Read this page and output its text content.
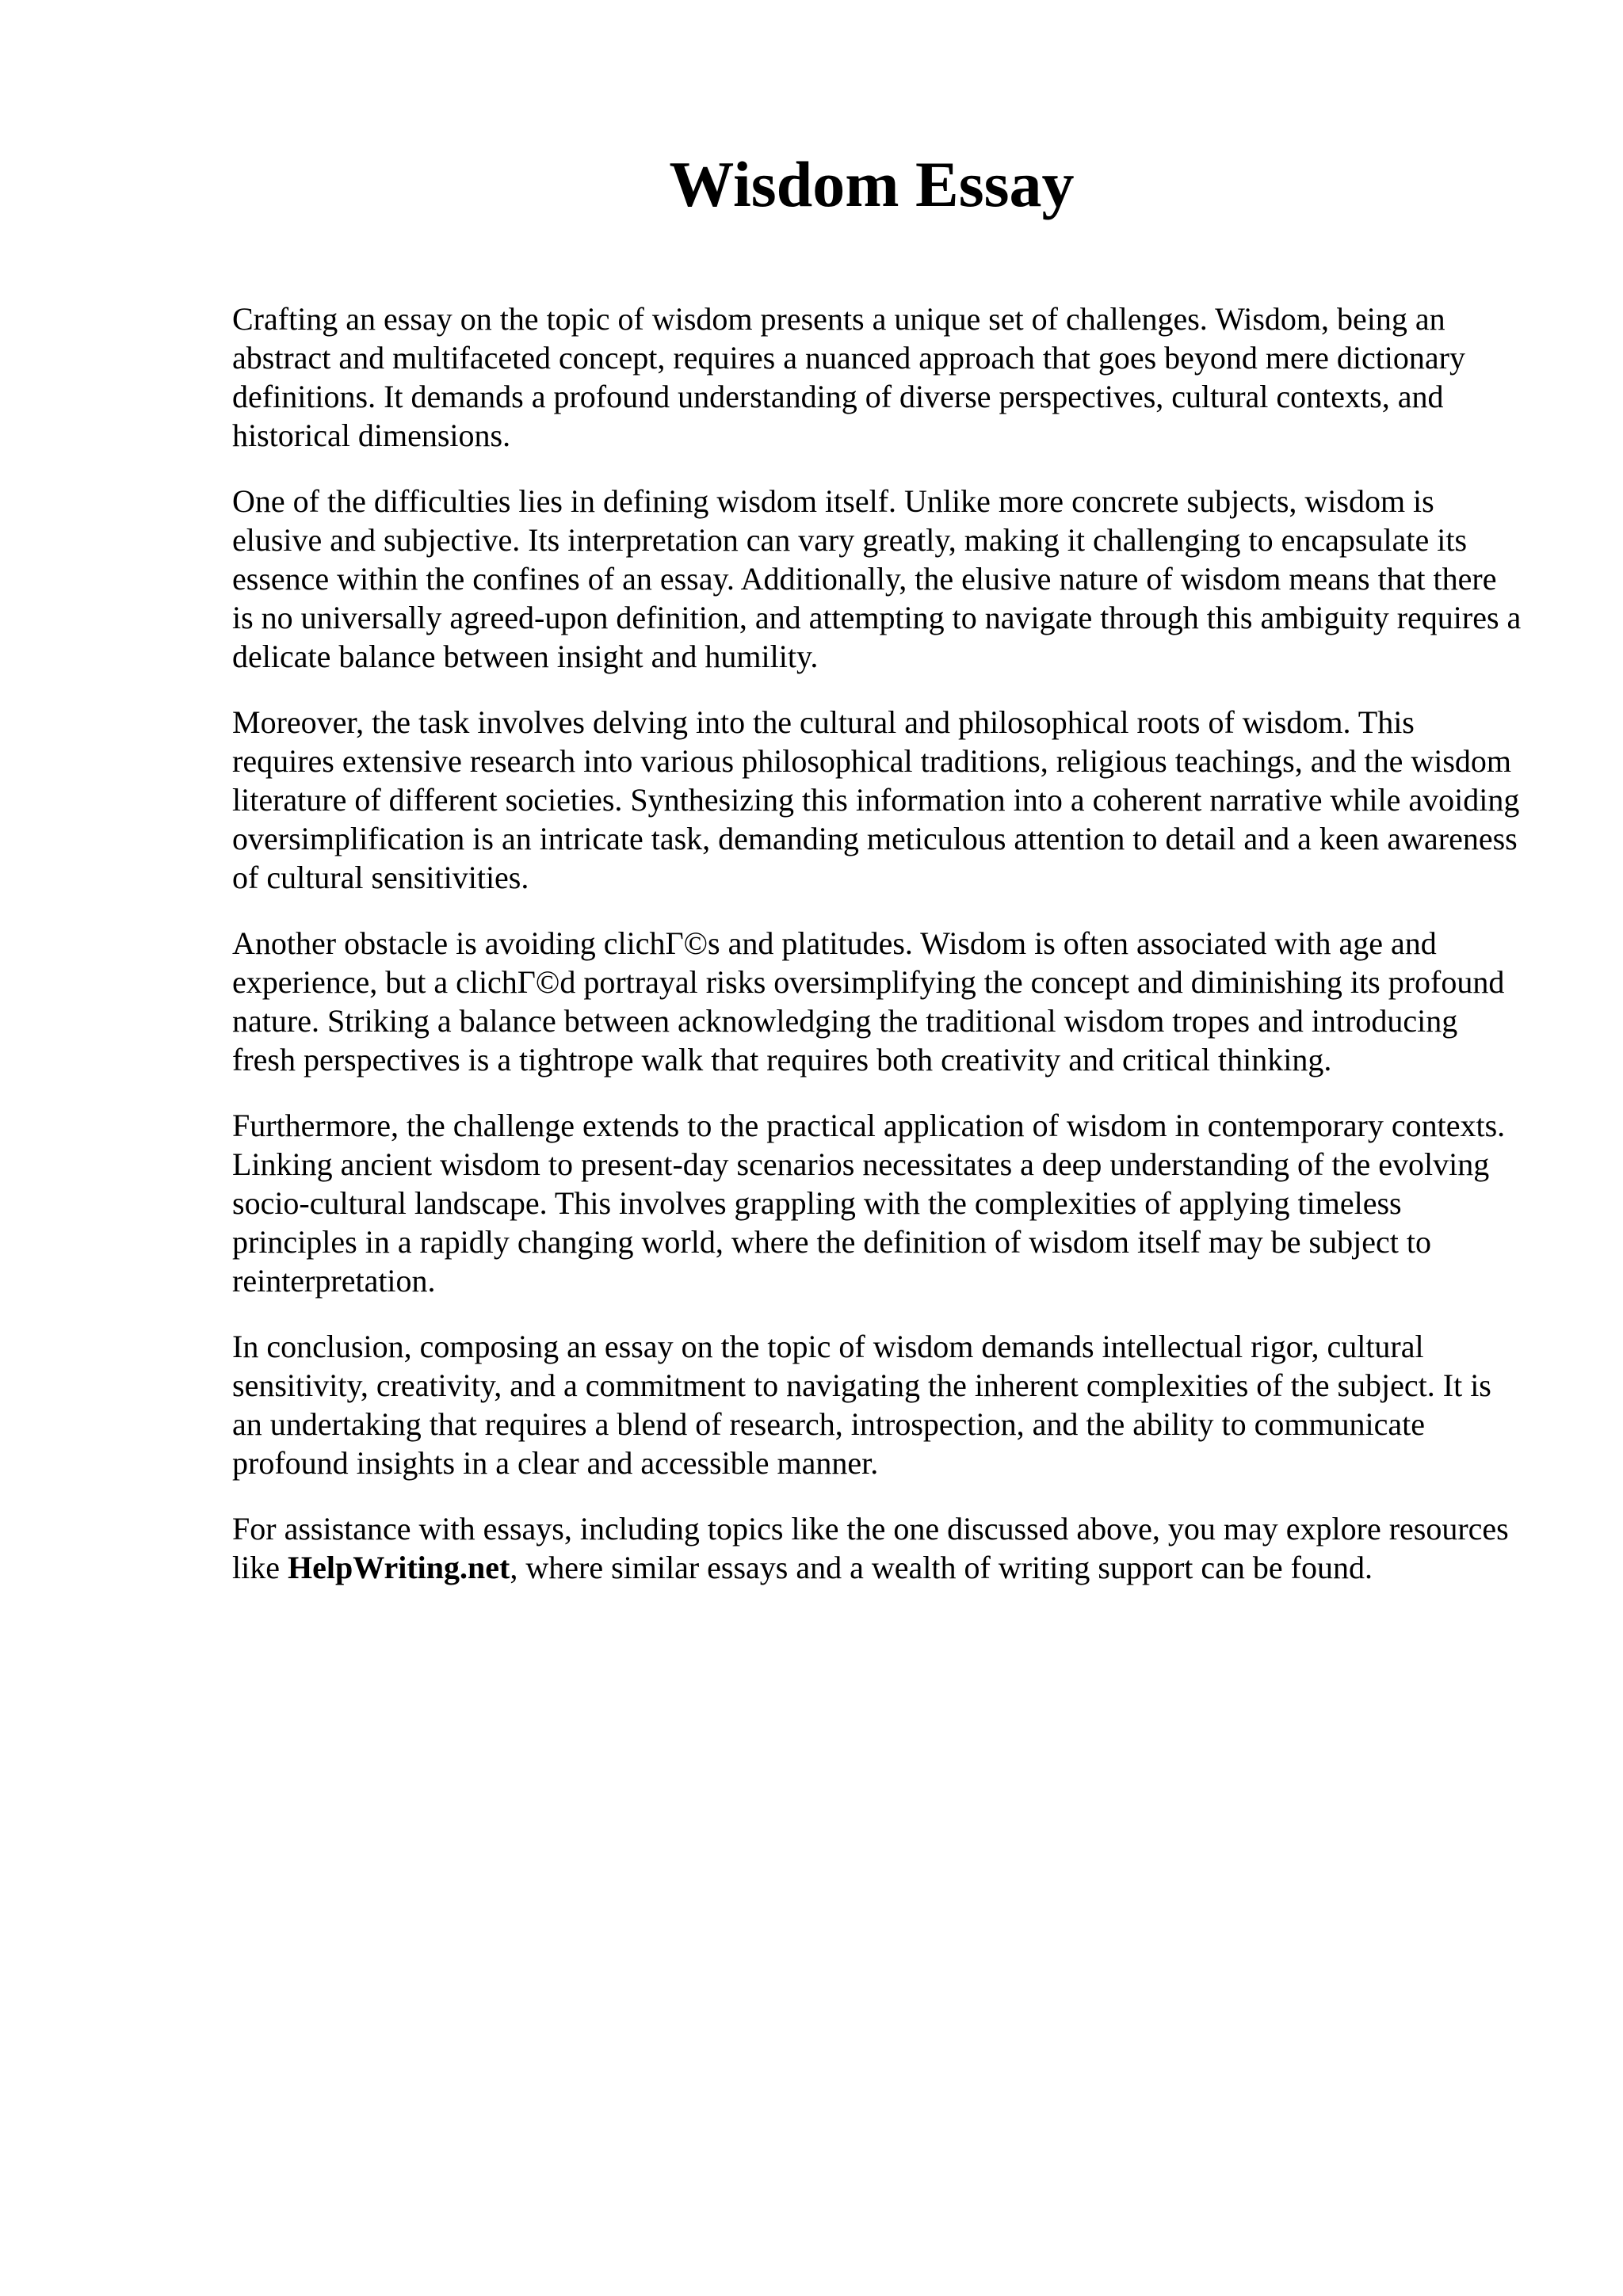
Wisdom Essay

Crafting an essay on the topic of wisdom presents a unique set of challenges. Wisdom, being an abstract and multifaceted concept, requires a nuanced approach that goes beyond mere dictionary definitions. It demands a profound understanding of diverse perspectives, cultural contexts, and historical dimensions.

One of the difficulties lies in defining wisdom itself. Unlike more concrete subjects, wisdom is elusive and subjective. Its interpretation can vary greatly, making it challenging to encapsulate its essence within the confines of an essay. Additionally, the elusive nature of wisdom means that there is no universally agreed-upon definition, and attempting to navigate through this ambiguity requires a delicate balance between insight and humility.

Moreover, the task involves delving into the cultural and philosophical roots of wisdom. This requires extensive research into various philosophical traditions, religious teachings, and the wisdom literature of different societies. Synthesizing this information into a coherent narrative while avoiding oversimplification is an intricate task, demanding meticulous attention to detail and a keen awareness of cultural sensitivities.

Another obstacle is avoiding clichΓ©s and platitudes. Wisdom is often associated with age and experience, but a clichΓ©d portrayal risks oversimplifying the concept and diminishing its profound nature. Striking a balance between acknowledging the traditional wisdom tropes and introducing fresh perspectives is a tightrope walk that requires both creativity and critical thinking.

Furthermore, the challenge extends to the practical application of wisdom in contemporary contexts. Linking ancient wisdom to present-day scenarios necessitates a deep understanding of the evolving socio-cultural landscape. This involves grappling with the complexities of applying timeless principles in a rapidly changing world, where the definition of wisdom itself may be subject to reinterpretation.

In conclusion, composing an essay on the topic of wisdom demands intellectual rigor, cultural sensitivity, creativity, and a commitment to navigating the inherent complexities of the subject. It is an undertaking that requires a blend of research, introspection, and the ability to communicate profound insights in a clear and accessible manner.

For assistance with essays, including topics like the one discussed above, you may explore resources like HelpWriting.net, where similar essays and a wealth of writing support can be found.
